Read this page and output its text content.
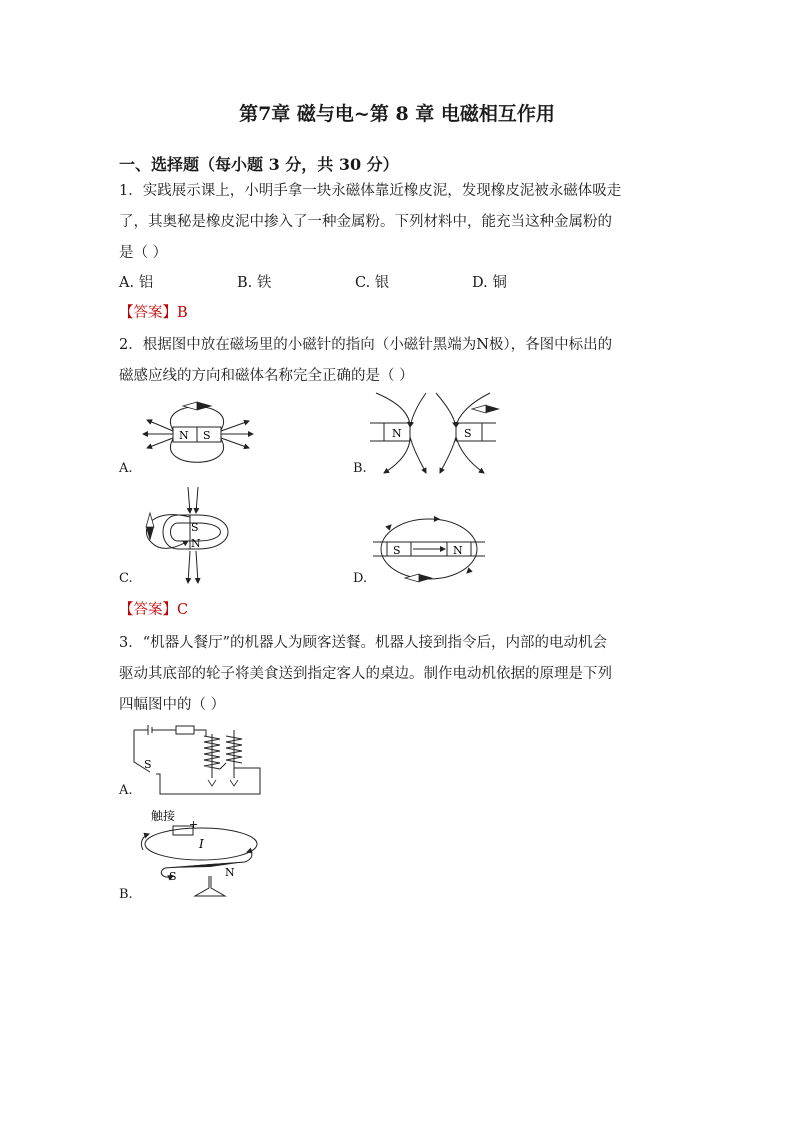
第7章 磁与电~第 8 章 电磁相互作用
一、选择题（每小题 3 分，共 30 分）
1．实践展示课上，小明手拿一块永磁体靠近橡皮泥，发现橡皮泥被永磁体吸走
了，其奥秘是橡皮泥中掺入了一种金属粉。下列材料中，能充当这种金属粉的
是（ ）
A. 铝	B. 铁	C. 银	D. 铜
【答案】B
2．根据图中放在磁场里的小磁针的指向（小磁针黑端为N极），各图中标出的
磁感应线的方向和磁体名称完全正确的是（ ）
N S
A.
N	S
B.
S
N
C.
S	N
D.
【答案】C
3．“机器人餐厅”的机器人为顾客送餐。机器人接到指令后，内部的电动机会
驱动其底部的轮子将美食送到指定客人的桌边。制作电动机依据的原理是下列
四幅图中的（ ）
S
A.
触接
+
I
S	N
B.
